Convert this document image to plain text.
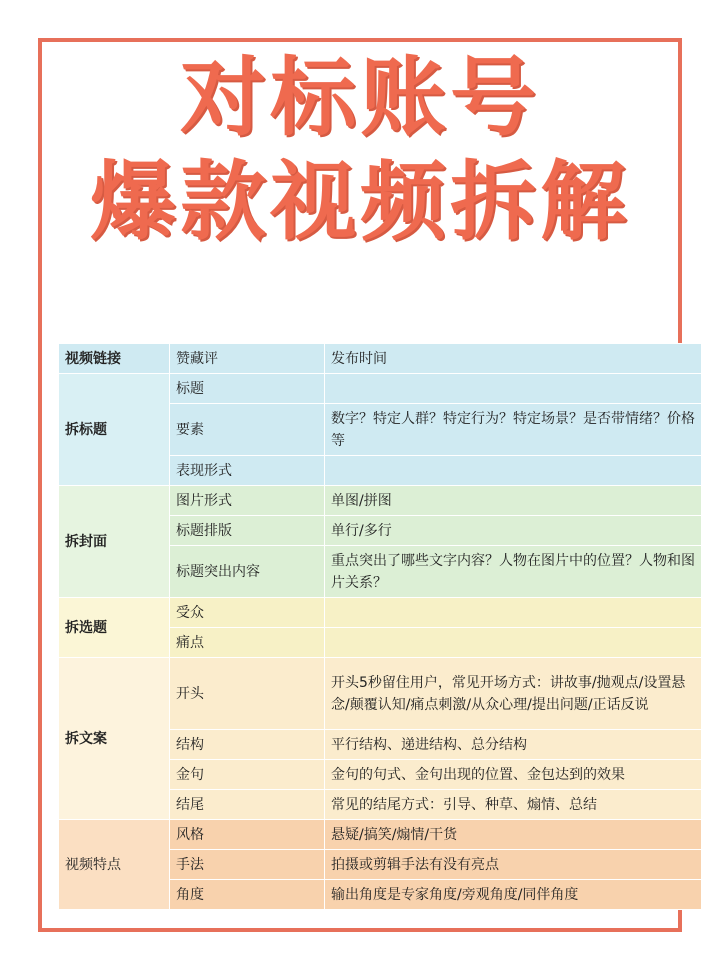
对标账号
爆款视频拆解
视频链接	赞藏评	发布时间
拆标题	标题	
	要素	数字？特定人群？特定行为？特定场景？是否带情绪？价格等
	表现形式	
拆封面	图片形式	单图/拼图
	标题排版	单行/多行
	标题突出内容	重点突出了哪些文字内容？人物在图片中的位置？人物和图片关系？
拆选题	受众	
	痛点	
拆文案	开头	开头5秒留住用户，常见开场方式：讲故事/抛观点/设置悬念/颠覆认知/痛点刺激/从众心理/提出问题/正话反说
	结构	平行结构、递进结构、总分结构
	金句	金句的句式、金句出现的位置、金包达到的效果
	结尾	常见的结尾方式：引导、种草、煽情、总结
视频特点	风格	悬疑/搞笑/煽情/干货
	手法	拍摄或剪辑手法有没有亮点
	角度	输出角度是专家角度/旁观角度/同伴角度
